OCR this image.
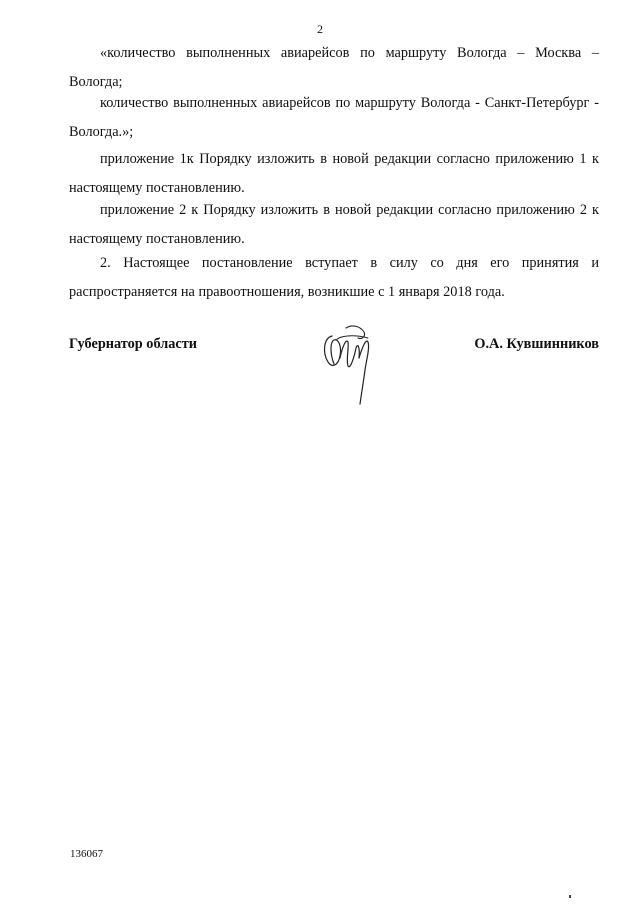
2

«количество выполненных авиарейсов по маршруту Вологда – Москва – Вологда;

количество выполненных авиарейсов по маршруту Вологда - Санкт-Петербург - Вологда.»;

приложение 1к Порядку изложить в новой редакции согласно приложению 1 к настоящему постановлению.

приложение 2 к Порядку изложить в новой редакции согласно приложению 2 к настоящему постановлению.

2. Настоящее постановление вступает в силу со дня его принятия и распространяется на правоотношения, возникшие с 1 января 2018 года.

Губернатор области	О.А. Кувшинников
136067
